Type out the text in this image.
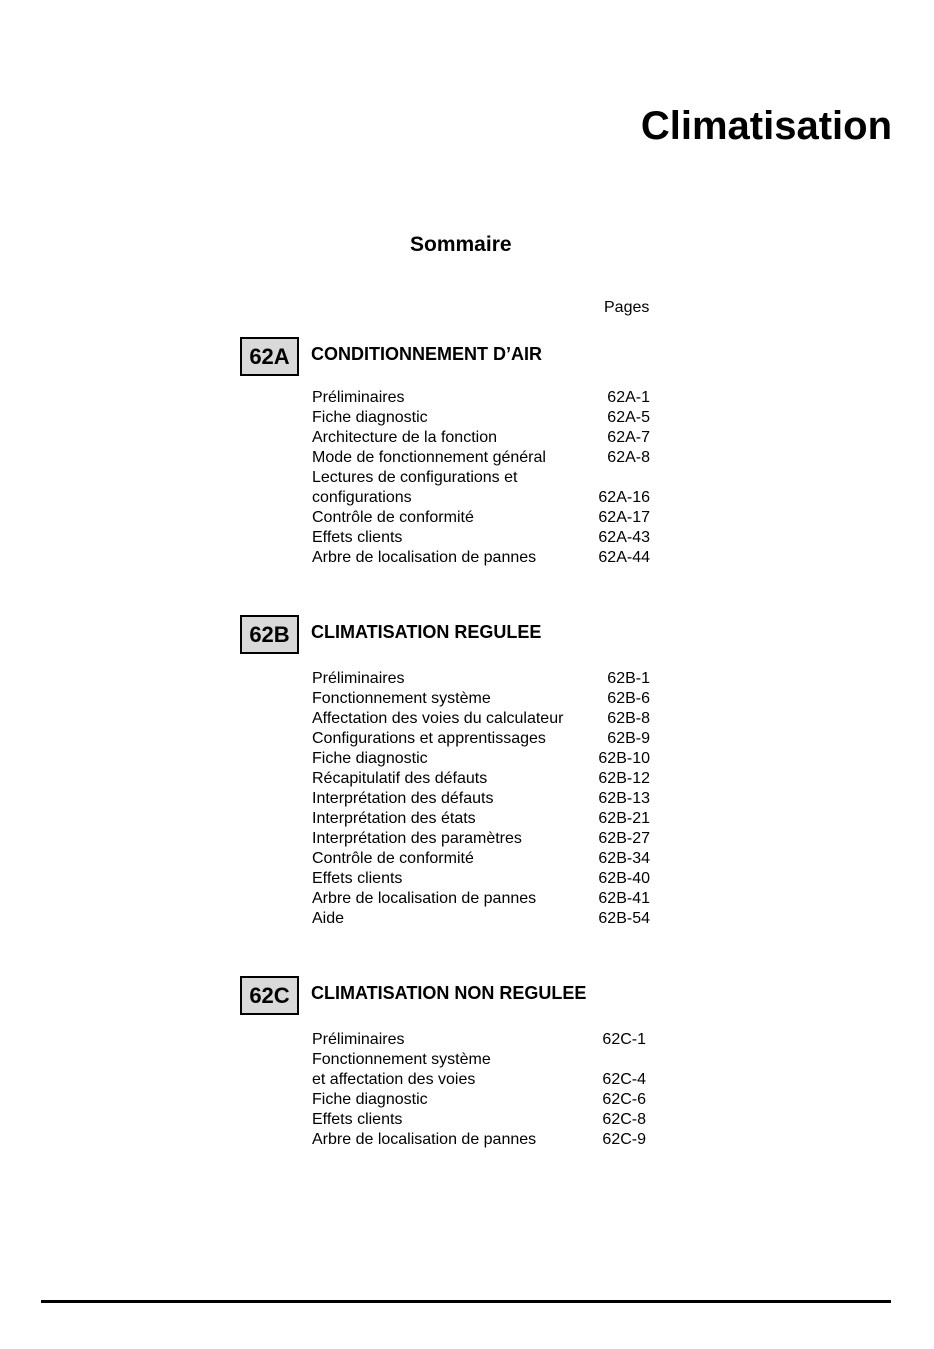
Climatisation
Sommaire
Pages
62A	CONDITIONNEMENT D’AIR
Préliminaires	62A-1
Fiche diagnostic	62A-5
Architecture de la fonction	62A-7
Mode de fonctionnement général	62A-8
Lectures de configurations et
configurations	62A-16
Contrôle de conformité	62A-17
Effets clients	62A-43
Arbre de localisation de pannes	62A-44
62B	CLIMATISATION REGULEE
Préliminaires	62B-1
Fonctionnement système	62B-6
Affectation des voies du calculateur	62B-8
Configurations et apprentissages	62B-9
Fiche diagnostic	62B-10
Récapitulatif des défauts	62B-12
Interprétation des défauts	62B-13
Interprétation des états	62B-21
Interprétation des paramètres	62B-27
Contrôle de conformité	62B-34
Effets clients	62B-40
Arbre de localisation de pannes	62B-41
Aide	62B-54
62C	CLIMATISATION NON REGULEE
Préliminaires	62C-1
Fonctionnement système
et affectation des voies	62C-4
Fiche diagnostic	62C-6
Effets clients	62C-8
Arbre de localisation de pannes	62C-9
